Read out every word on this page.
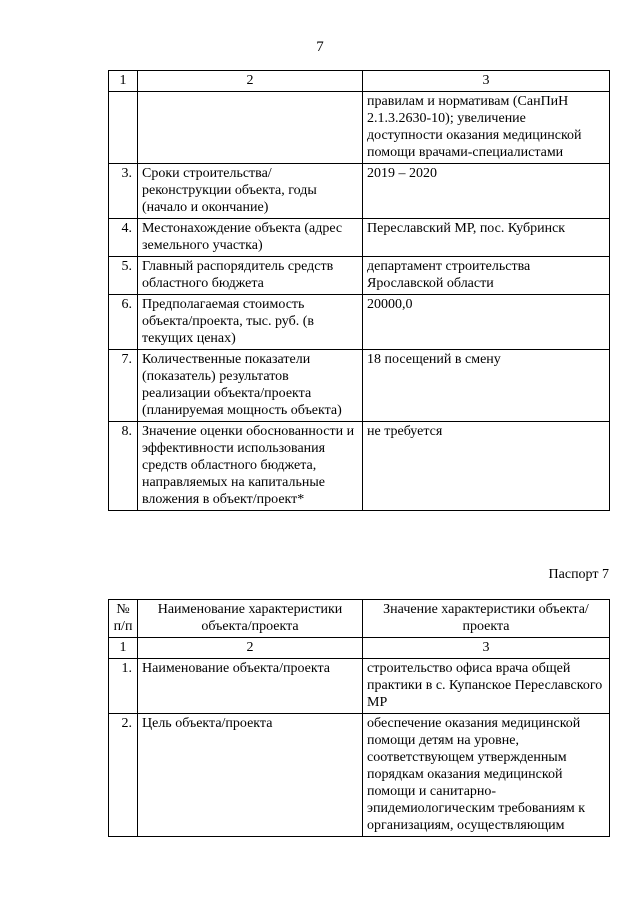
7
1	2	3
		правилам и нормативам (СанПиН 2.1.3.2630-10); увеличение доступности оказания медицинской помощи врачами-специалистами
3.	Сроки строительства/реконструкции объекта, годы (начало и окончание)	2019 – 2020
4.	Местонахождение объекта (адрес земельного участка)	Переславский МР, пос. Кубринск
5.	Главный распорядитель средств областного бюджета	департамент строительства Ярославской области
6.	Предполагаемая стоимость объекта/проекта, тыс. руб. (в текущих ценах)	20000,0
7.	Количественные показатели (показатель) результатов реализации объекта/проекта (планируемая мощность объекта)	18 посещений в смену
8.	Значение оценки обоснованности и эффективности использования средств областного бюджета, направляемых на капитальные вложения в объект/проект*	не требуется
Паспорт 7
№ п/п	Наименование характеристики объекта/проекта	Значение характеристики объекта/проекта
1	2	3
1.	Наименование объекта/проекта	строительство офиса врача общей практики в с. Купанское Переславского МР
2.	Цель объекта/проекта	обеспечение оказания медицинской помощи детям на уровне, соответствующем утвержденным порядкам оказания медицинской помощи и санитарно-эпидемиологическим требованиям к организациям, осуществляющим
